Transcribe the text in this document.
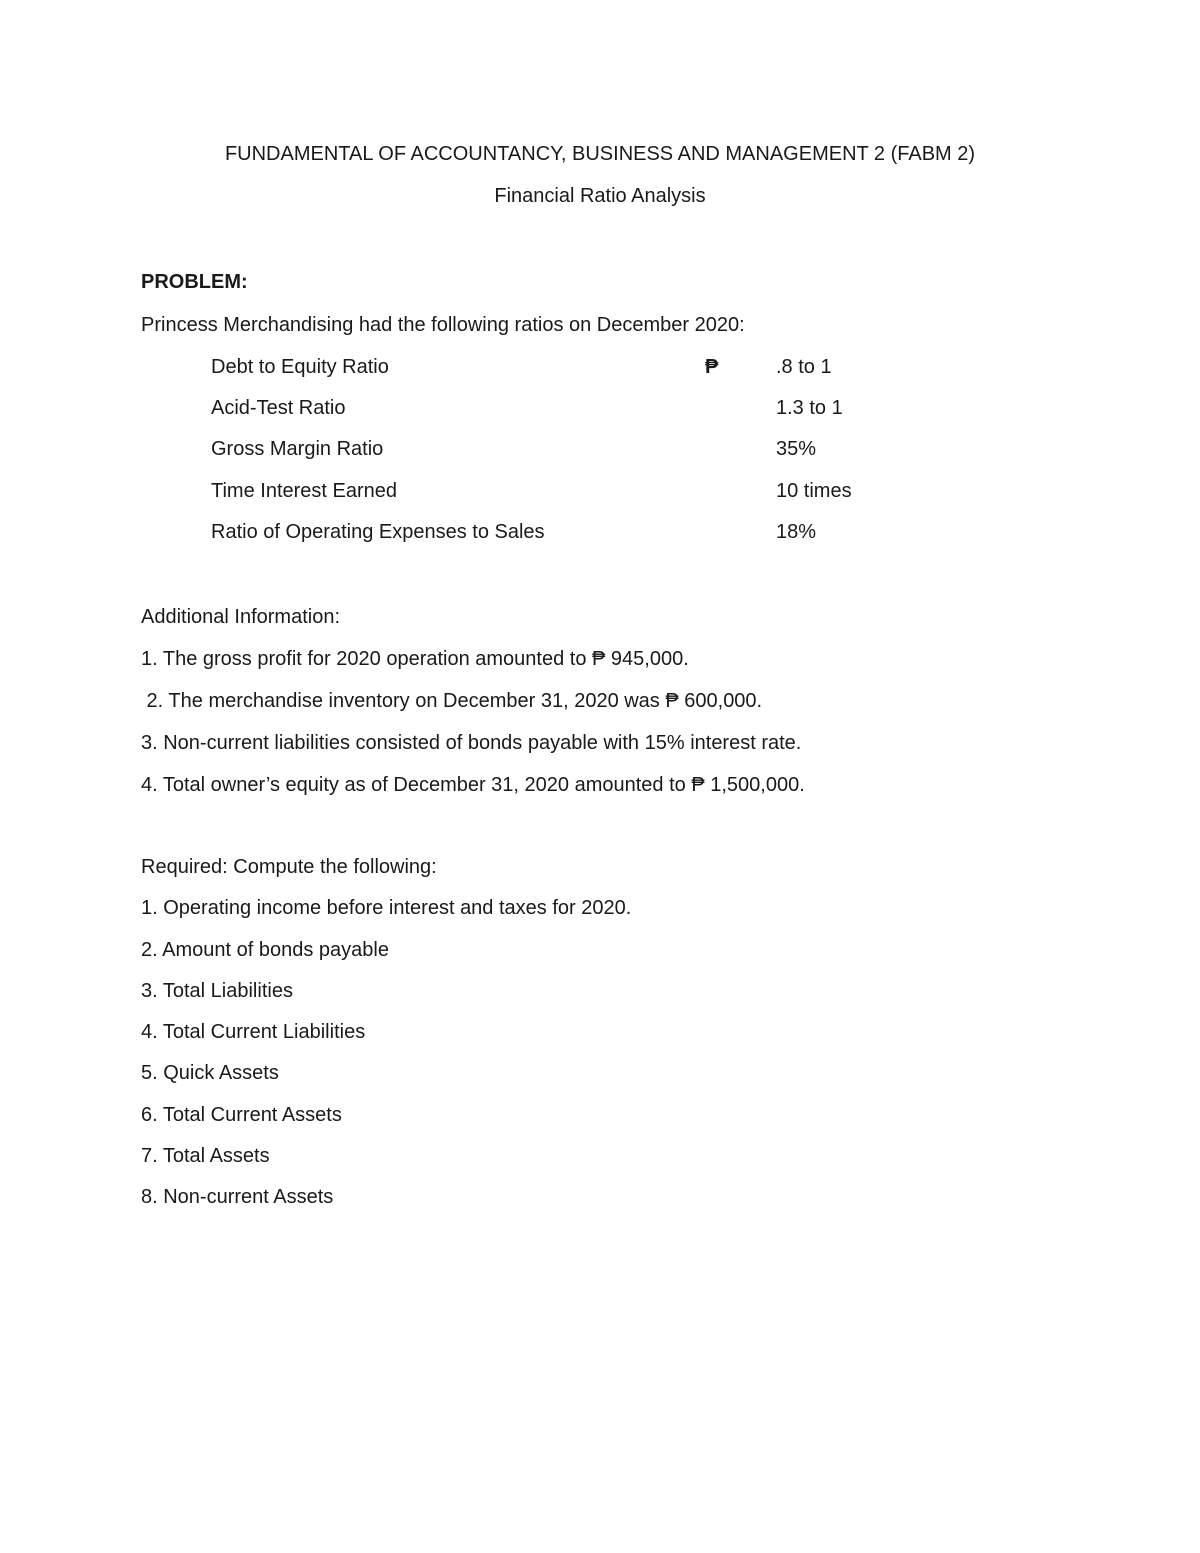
FUNDAMENTAL OF ACCOUNTANCY, BUSINESS AND MANAGEMENT 2 (FABM 2)
Financial Ratio Analysis
PROBLEM:
Princess Merchandising had the following ratios on December 2020:
Debt to Equity Ratio	₱	.8 to 1
Acid-Test Ratio	1.3 to 1
Gross Margin Ratio	35%
Time Interest Earned	10 times
Ratio of Operating Expenses to Sales	18%
Additional Information:
1. The gross profit for 2020 operation amounted to ₱ 945,000.
2. The merchandise inventory on December 31, 2020 was ₱ 600,000.
3. Non-current liabilities consisted of bonds payable with 15% interest rate.
4. Total owner’s equity as of December 31, 2020 amounted to ₱ 1,500,000.
Required: Compute the following:
1. Operating income before interest and taxes for 2020.
2. Amount of bonds payable
3. Total Liabilities
4. Total Current Liabilities
5. Quick Assets
6. Total Current Assets
7. Total Assets
8. Non-current Assets
